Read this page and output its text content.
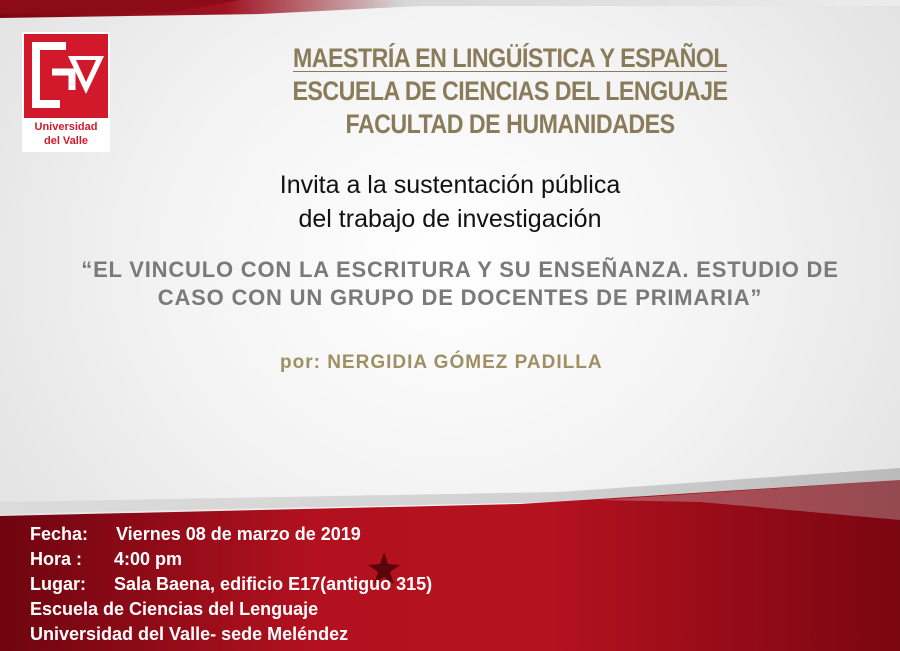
Universidad
del Valle
MAESTRÍA EN LINGÜÍSTICA Y ESPAÑOL
ESCUELA DE CIENCIAS DEL LENGUAJE
FACULTAD DE HUMANIDADES
Invita a la sustentación pública
del trabajo de investigación
“EL VINCULO CON LA ESCRITURA Y SU ENSEÑANZA. ESTUDIO DE
CASO CON UN GRUPO DE DOCENTES DE PRIMARIA”
por: NERGIDIA GÓMEZ PADILLA
Fecha: Viernes 08 de marzo de 2019
Hora : 4:00 pm
Lugar: Sala Baena, edificio E17(antiguo 315)
Escuela de Ciencias del Lenguaje
Universidad del Valle- sede Meléndez
